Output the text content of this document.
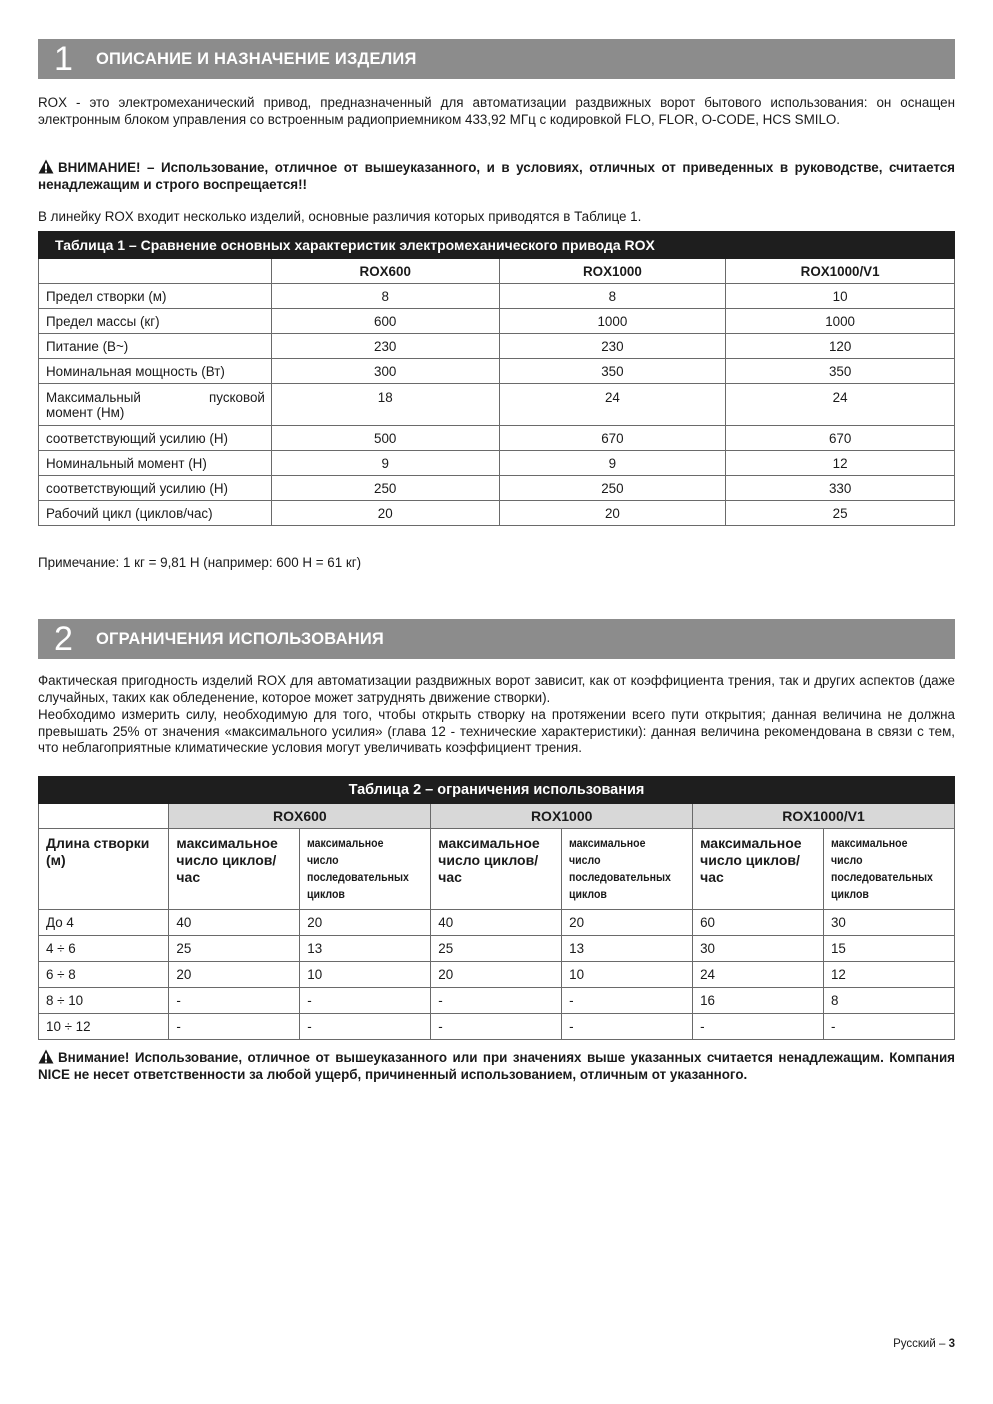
1	ОПИСАНИЕ И НАЗНАЧЕНИЕ ИЗДЕЛИЯ

ROX - это электромеханический привод, предназначенный для автоматизации раздвижных ворот бытового использования: он оснащен электронным блоком управления со встроенным радиоприемником 433,92 МГц с кодировкой FLO, FLOR, O-CODE, HCS SMILO.

ВНИМАНИЕ! – Использование, отличное от вышеуказанного, и в условиях, отличных от приведенных в руководстве, считается ненадлежащим и строго воспрещается!!

В линейку ROX входит несколько изделий, основные различия которых приводятся в Таблице 1.

Таблица 1 – Сравнение основных характеристик электромеханического привода ROX			
	ROX600	ROX1000	ROX1000/V1
Предел створки (м)	8	8	10
Предел массы (кг)	600	1000	1000
Питание (В~)	230	230	120
Номинальная мощность (Вт)	300	350	350

Максимальный пусковой
момент (Нм)	18	24	24
соответствующий усилию (Н)	500	670	670
Номинальный момент (Н)	9	9	12
соответствующий усилию (Н)	250	250	330
Рабочий цикл (циклов/час)	20	20	25

Примечание: 1 кг = 9,81 Н (например: 600 Н = 61 кг)

2	ОГРАНИЧЕНИЯ ИСПОЛЬЗОВАНИЯ

Фактическая пригодность изделий ROX для автоматизации раздвижных ворот зависит, как от коэффициента трения, так и других аспектов (даже случайных, таких как обледенение, которое может затруднять движение створки).

Необходимо измерить силу, необходимую для того, чтобы открыть створку на протяжении всего пути открытия; данная величина не должна превышать 25% от значения «максимального усилия» (глава 12 - технические характеристики): данная величина рекомендована в связи с тем, что неблагоприятные климатические условия могут увеличивать коэффициент трения.

Таблица 2 – ограничения использования						
	ROX600		ROX1000		ROX1000/V1	
Длина створки (м)	максимальное число циклов/час	максимальное
число
последовательных
циклов	максимальное число циклов/час	максимальное
число
последовательных
циклов	максимальное число циклов/час	максимальное
число
последовательных
циклов
До 4	40	20	40	20	60	30
4 ÷ 6	25	13	25	13	30	15
6 ÷ 8	20	10	20	10	24	12
8 ÷ 10	-	-	-	-	16	8
10 ÷ 12	-	-	-	-	-	-

Внимание! Использование, отличное от вышеуказанного или при значениях выше указанных считается ненадлежащим. Компания NICE не несет ответственности за любой ущерб, причиненный использованием, отличным от указанного.

Русский – 3
